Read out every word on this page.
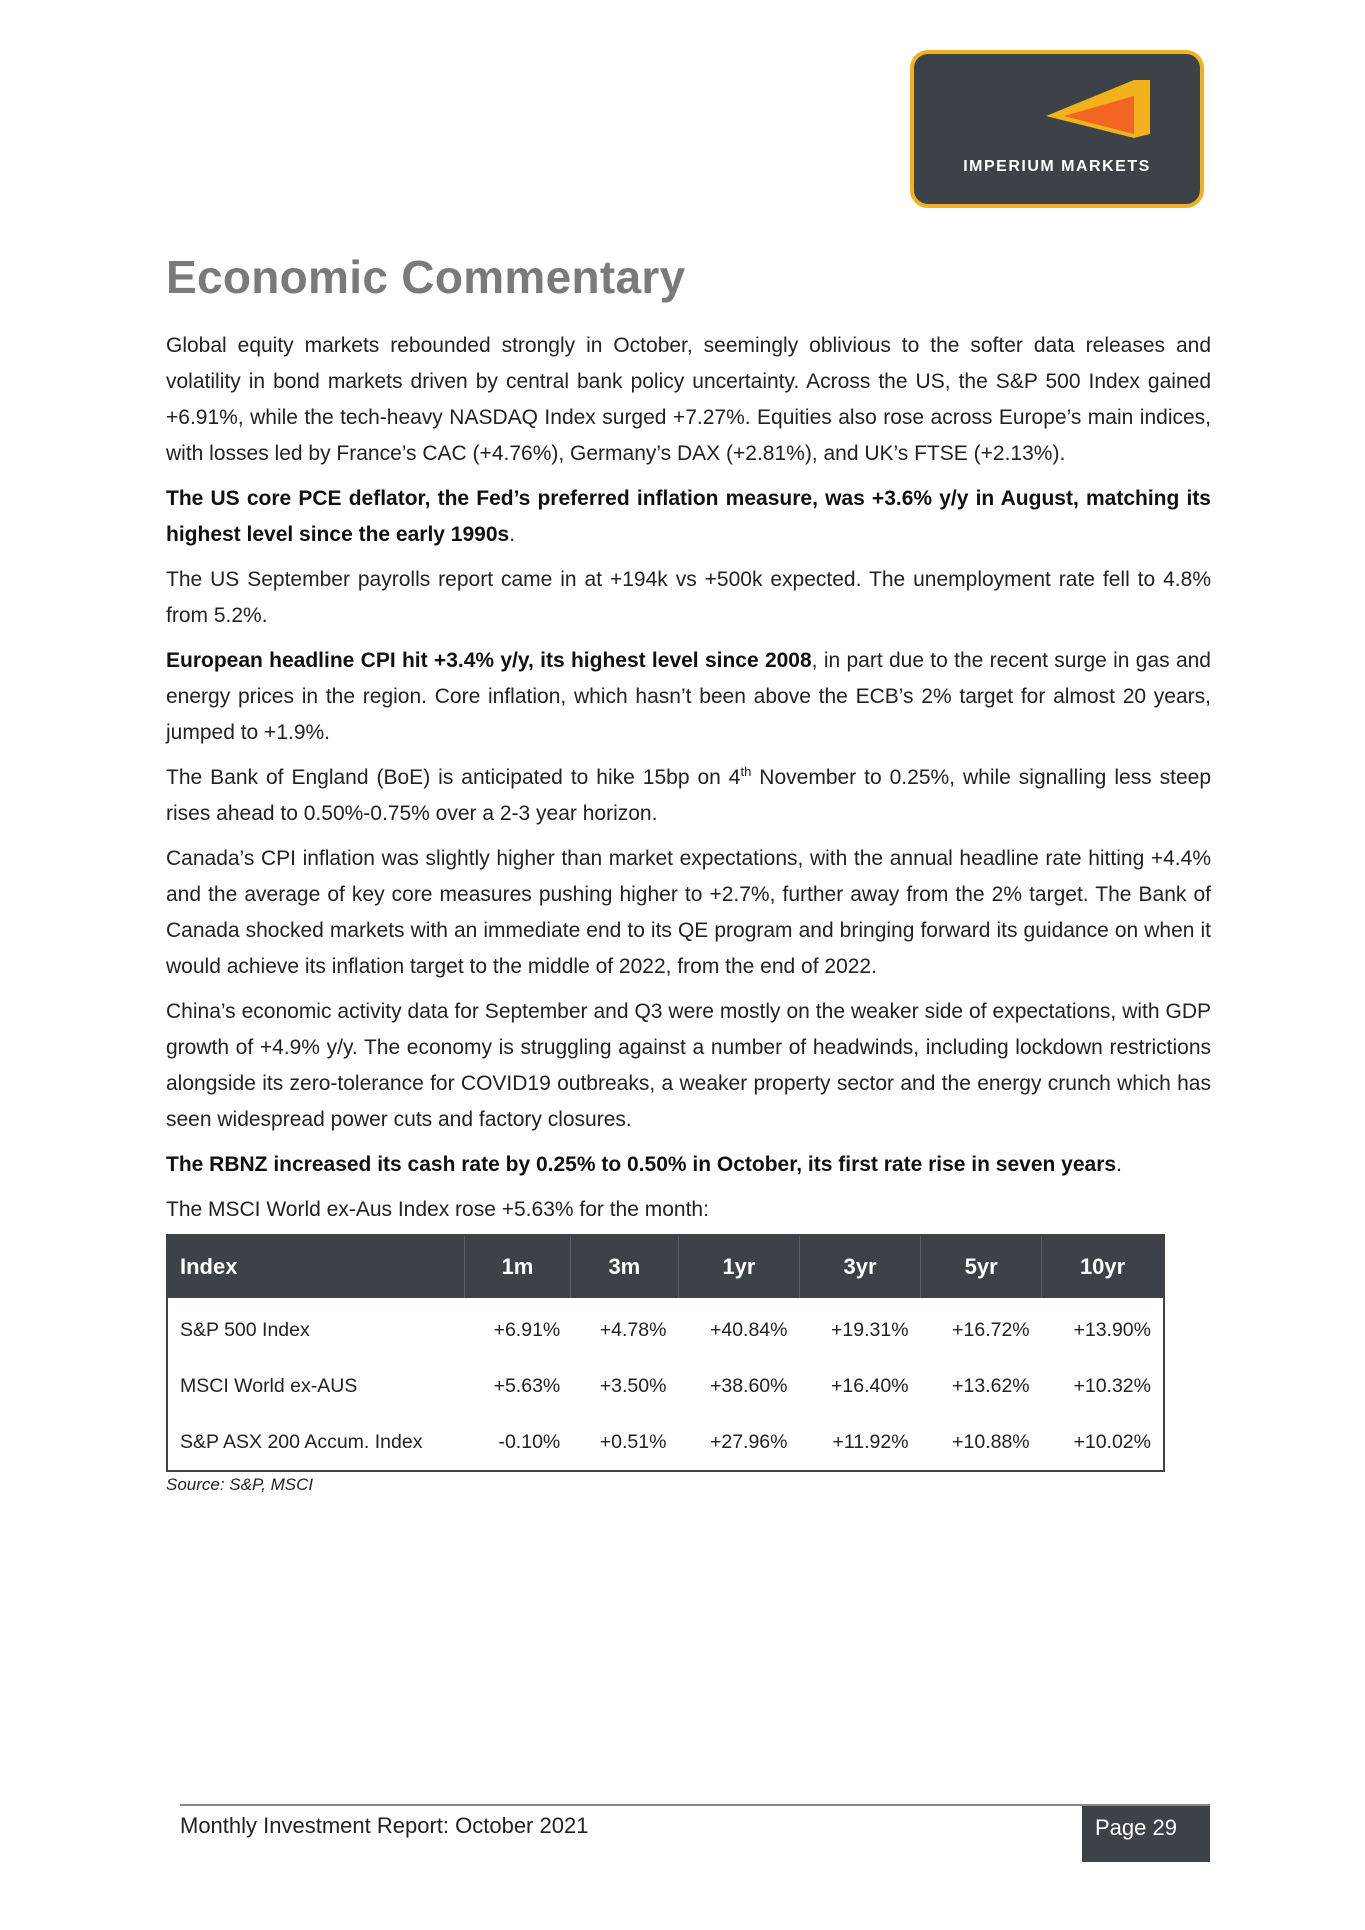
IMPERIUM MARKETS
Economic Commentary

Global equity markets rebounded strongly in October, seemingly oblivious to the softer data releases and volatility in bond markets driven by central bank policy uncertainty. Across the US, the S&P 500 Index gained +6.91%, while the tech-heavy NASDAQ Index surged +7.27%. Equities also rose across Europe’s main indices, with losses led by France’s CAC (+4.76%), Germany’s DAX (+2.81%), and UK’s FTSE (+2.13%).

The US core PCE deflator, the Fed’s preferred inflation measure, was +3.6% y/y in August, matching its highest level since the early 1990s.

The US September payrolls report came in at +194k vs +500k expected. The unemployment rate fell to 4.8% from 5.2%.

European headline CPI hit +3.4% y/y, its highest level since 2008, in part due to the recent surge in gas and energy prices in the region. Core inflation, which hasn’t been above the ECB’s 2% target for almost 20 years, jumped to +1.9%.

The Bank of England (BoE) is anticipated to hike 15bp on 4th November to 0.25%, while signalling less steep rises ahead to 0.50%-0.75% over a 2-3 year horizon.

Canada’s CPI inflation was slightly higher than market expectations, with the annual headline rate hitting +4.4% and the average of key core measures pushing higher to +2.7%, further away from the 2% target. The Bank of Canada shocked markets with an immediate end to its QE program and bringing forward its guidance on when it would achieve its inflation target to the middle of 2022, from the end of 2022.

China’s economic activity data for September and Q3 were mostly on the weaker side of expectations, with GDP growth of +4.9% y/y. The economy is struggling against a number of headwinds, including lockdown restrictions alongside its zero-tolerance for COVID19 outbreaks, a weaker property sector and the energy crunch which has seen widespread power cuts and factory closures.

The RBNZ increased its cash rate by 0.25% to 0.50% in October, its first rate rise in seven years.

The MSCI World ex-Aus Index rose +5.63% for the month:

Index	1m	3m	1yr	3yr	5yr	10yr
S&P 500 Index	+6.91%	+4.78%	+40.84%	+19.31%	+16.72%	+13.90%
MSCI World ex-AUS	+5.63%	+3.50%	+38.60%	+16.40%	+13.62%	+10.32%
S&P ASX 200 Accum. Index	-0.10%	+0.51%	+27.96%	+11.92%	+10.88%	+10.02%
Source: S&P, MSCI
Monthly Investment Report: October 2021	Page 29
